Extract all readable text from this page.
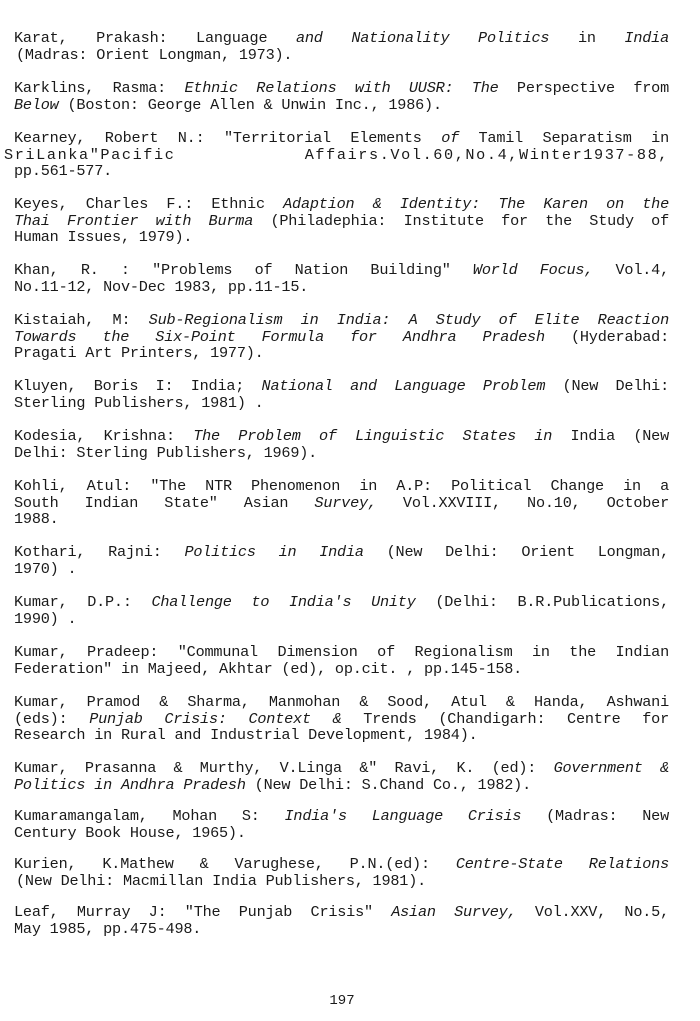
Karat, Prakash: Language and Nationality Politics in India
(Madras: Orient Longman, 1973).
Karklins, Rasma: Ethnic Relations with UUSR: The Perspective from
Below (Boston: George Allen & Unwin Inc., 1986).
Kearney, Robert N.: "Territorial Elements of Tamil Separatism in
SriLanka"Pacific Affairs.Vol.60,No.4,Winter1937-88,
pp.561-577.
Keyes, Charles F.: Ethnic Adaption & Identity: The Karen on the
Thai Frontier with Burma (Philadephia: Institute for the Study of
Human Issues, 1979).
Khan, R. : "Problems of Nation Building" World Focus, Vol.4,
No.11-12, Nov-Dec 1983, pp.11-15.
Kistaiah, M: Sub-Regionalism in India: A Study of Elite Reaction
Towards the Six-Point Formula for Andhra Pradesh (Hyderabad:
Pragati Art Printers, 1977).
Kluyen, Boris I: India; National and Language Problem (New Delhi:
Sterling Publishers, 1981) .
Kodesia, Krishna: The Problem of Linguistic States in India (New
Delhi: Sterling Publishers, 1969).
Kohli, Atul: "The NTR Phenomenon in A.P: Political Change in a
South Indian State" Asian Survey, Vol.XXVIII, No.10, October
1988.
Kothari, Rajni: Politics in India (New Delhi: Orient Longman,
1970) .
Kumar, D.P.: Challenge to India's Unity (Delhi: B.R.Publications,
1990) .
Kumar, Pradeep: "Communal Dimension of Regionalism in the Indian
Federation" in Majeed, Akhtar (ed), op.cit. , pp.145-158.
Kumar, Pramod & Sharma, Manmohan & Sood, Atul & Handa, Ashwani
(eds): Punjab Crisis: Context & Trends (Chandigarh: Centre for
Research in Rural and Industrial Development, 1984).
Kumar, Prasanna & Murthy, V.Linga &" Ravi, K. (ed): Government &
Politics in Andhra Pradesh (New Delhi: S.Chand Co., 1982).
Kumaramangalam, Mohan S: India's Language Crisis (Madras: New
Century Book House, 1965).
Kurien, K.Mathew & Varughese, P.N.(ed): Centre-State Relations
(New Delhi: Macmillan India Publishers, 1981).
Leaf, Murray J: "The Punjab Crisis" Asian Survey, Vol.XXV, No.5,
May 1985, pp.475-498.
197
